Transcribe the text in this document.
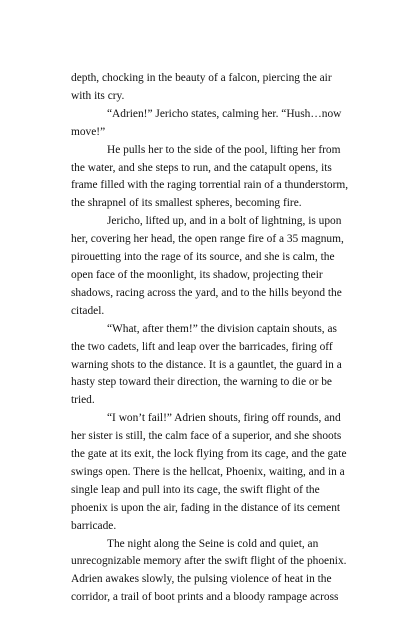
depth, chocking in the beauty of a falcon, piercing the air with its cry.

“Adrien!” Jericho states, calming her. “Hush…now move!”

He pulls her to the side of the pool, lifting her from the water, and she steps to run, and the catapult opens, its frame filled with the raging torrential rain of a thunderstorm, the shrapnel of its smallest spheres, becoming fire.

Jericho, lifted up, and in a bolt of lightning, is upon her, covering her head, the open range fire of a 35 magnum, pirouetting into the rage of its source, and she is calm, the open face of the moonlight, its shadow, projecting their shadows, racing across the yard, and to the hills beyond the citadel.

“What, after them!” the division captain shouts, as the two cadets, lift and leap over the barricades, firing off warning shots to the distance. It is a gauntlet, the guard in a hasty step toward their direction, the warning to die or be tried.

“I won’t fail!” Adrien shouts, firing off rounds, and her sister is still, the calm face of a superior, and she shoots the gate at its exit, the lock flying from its cage, and the gate swings open. There is the hellcat, Phoenix, waiting, and in a single leap and pull into its cage, the swift flight of the phoenix is upon the air, fading in the distance of its cement barricade.

The night along the Seine is cold and quiet, an unrecognizable memory after the swift flight of the phoenix. Adrien awakes slowly, the pulsing violence of heat in the corridor, a trail of boot prints and a bloody rampage across
